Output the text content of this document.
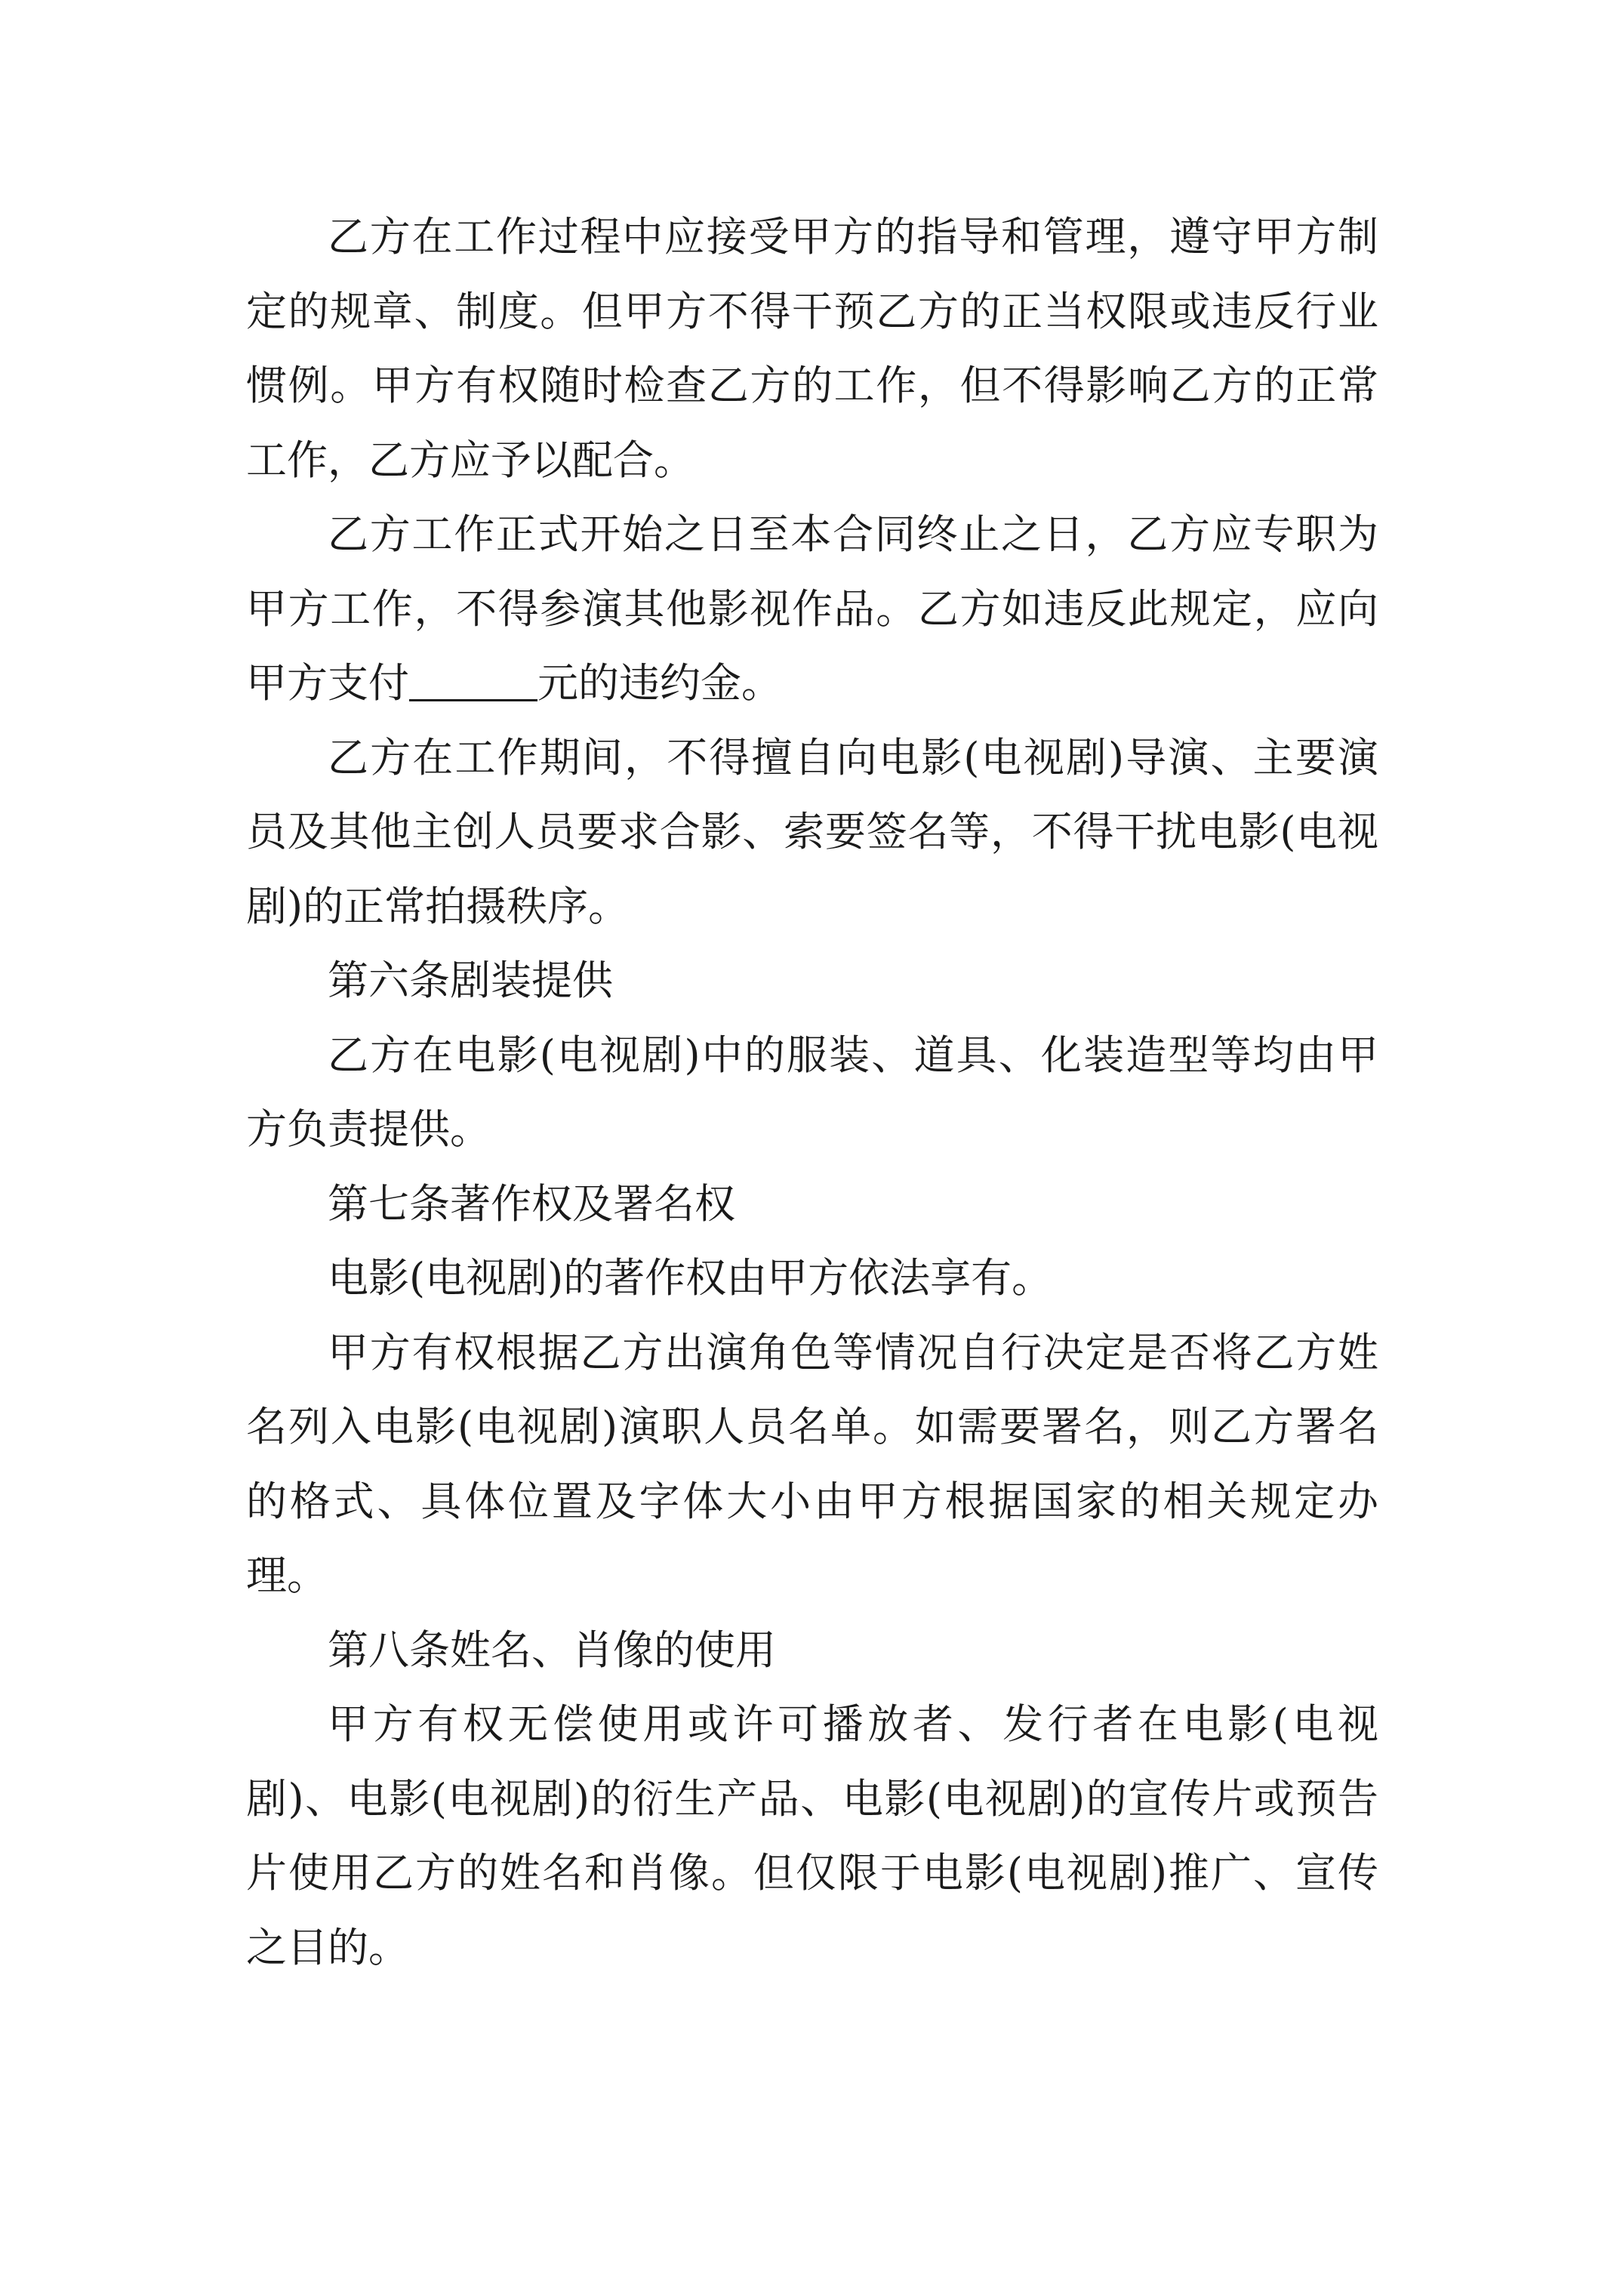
乙方在工作过程中应接受甲方的指导和管理，遵守甲方制定的规章、制度。但甲方不得干预乙方的正当权限或违反行业惯例。甲方有权随时检查乙方的工作，但不得影响乙方的正常工作，乙方应予以配合。

乙方工作正式开始之日至本合同终止之日，乙方应专职为甲方工作，不得参演其他影视作品。乙方如违反此规定，应向甲方支付	元的违约金。

乙方在工作期间，不得擅自向电影(电视剧)导演、主要演员及其他主创人员要求合影、索要签名等，不得干扰电影(电视剧)的正常拍摄秩序。

第六条剧装提供

乙方在电影(电视剧)中的服装、道具、化装造型等均由甲方负责提供。

第七条著作权及署名权

电影(电视剧)的著作权由甲方依法享有。

甲方有权根据乙方出演角色等情况自行决定是否将乙方姓名列入电影(电视剧)演职人员名单。如需要署名，则乙方署名的格式、具体位置及字体大小由甲方根据国家的相关规定办理。

第八条姓名、肖像的使用

甲方有权无偿使用或许可播放者、发行者在电影(电视剧)、电影(电视剧)的衍生产品、电影(电视剧)的宣传片或预告片使用乙方的姓名和肖像。但仅限于电影(电视剧)推广、宣传之目的。
